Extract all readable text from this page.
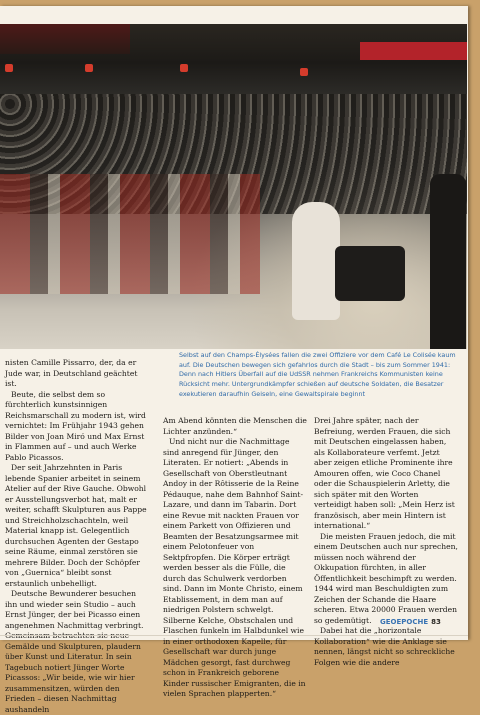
Selbst auf den Champs-Élysées fallen die zwei Offiziere vor dem Café Le Colisée kaum auf. Die Deutschen bewegen sich gefahrlos durch die Stadt – bis zum Sommer 1941: Denn nach Hitlers Überfall auf die UdSSR nehmen Frankreichs Kommunisten keine Rücksicht mehr. Untergrundkämpfer schießen auf deutsche Soldaten, die Besatzer exekutieren daraufhin Geiseln, eine Gewaltspirale beginnt

nisten Camille Pissarro, der, da er Jude war, in Deutschland geächtet ist.

Beute, die selbst dem so fürchterlich kunstsinnigen Reichsmarschall zu modern ist, wird vernichtet: Im Frühjahr 1943 gehen Bilder von Joan Miró und Max Ernst in Flammen auf – und auch Werke Pablo Picassos.

Der seit Jahrzehnten in Paris lebende Spanier arbeitet in seinem Atelier auf der Rive Gauche. Obwohl er Ausstellungsverbot hat, malt er weiter, schafft Skulpturen aus Pappe und Streichholzschachteln, weil Material knapp ist. Gelegentlich durchsuchen Agenten der Gestapo seine Räume, einmal zerstören sie mehrere Bilder. Doch der Schöpfer von „Guernica“ bleibt sonst erstaunlich unbehelligt.

Deutsche Bewunderer besuchen ihn und wieder sein Studio – auch Ernst Jünger, der bei Picasso einen angenehmen Nachmittag verbringt. Gemälde und Skulpturen, plaudern über Kunst und Literatur. In sein Tagebuch notiert Jünger Worte Picassos: „Wir beide, wie wir hier zusammensitzen, würden den Frieden – diesen Nachmittag aushandeln

Am Abend könnten die Menschen die Lichter anzünden.“

Und nicht nur die Nachmittage sind anregend für Jünger, den Literaten. Er notiert: „Abends in Gesellschaft von Oberstleutnant Andoy in der Rôtisserie de la Reine Pédauque, nahe dem Bahnhof Saint-Lazare, und dann im Tabarin. Dort eine Revue mit nackten Frauen vor einem Parkett von Offizieren und Beamten der Besatzungsarmee mit einem Pelotonfeuer von Sektpfropfen. Die Körper erträgt werden besser als die Fülle, die durch das Schulwerk verdorben sind. Dann im Monte Christo, einem Etablissement, in dem man auf niedrigen Polstern schwelgt. Silberne Kelche, Obstschalen und Flaschen funkeln im Halbdunkel wie in einer orthodoxen Kapelle, für Gesellschaft war durch junge Mädchen gesorgt, fast durchweg schon in Frankreich geborene Kinder russischer Emigranten, die in vielen Sprachen plapperten.“

Drei Jahre später, nach der Befreiung, werden Frauen, die sich mit Deutschen eingelassen haben, als Kollaborateure verfemt. Jetzt aber zeigen etliche Prominente ihre Amouren offen, wie Coco Chanel oder die Schauspielerin Arletty, die sich später mit den Worten verteidigt haben soll: „Mein Herz ist französisch, aber mein Hintern ist international.“

Die meisten Frauen jedoch, die mit einem Deutschen auch nur sprechen, müssen noch während der Okkupation fürchten, in aller Öffentlichkeit beschimpft zu werden. 1944 wird man Beschuldigten zum Zeichen der Schande die Haare scheren. Etwa 20000 Frauen werden so gedemütigt.

Dabei hat die „horizontale Kollaboration“ wie die Anklage sie nennen, längst nicht so schreckliche Folgen wie die andere

GEOEPOCHE 83
